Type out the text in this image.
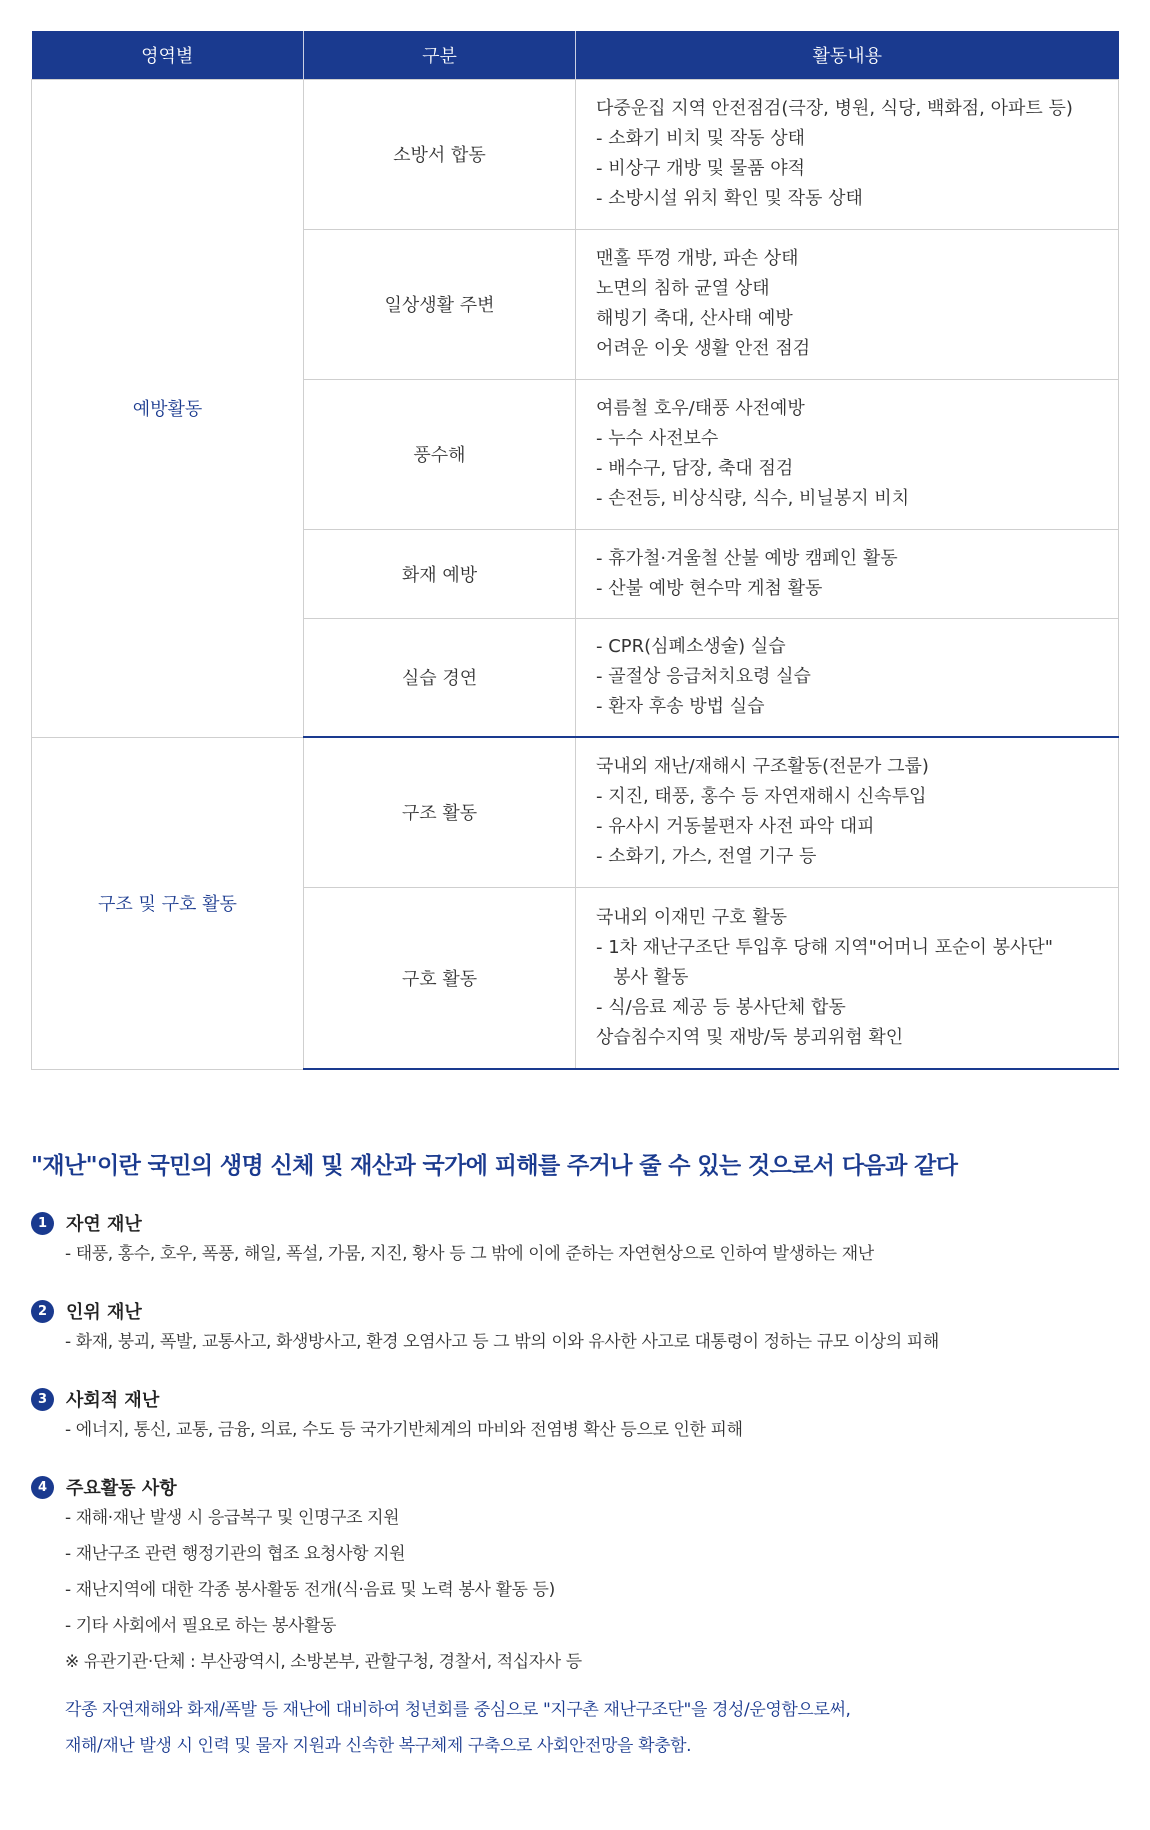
영역별	구분	활동내용
예방활동	소방서 합동	다중운집 지역 안전점검(극장, 병원, 식당, 백화점, 아파트 등)
- 소화기 비치 및 작동 상태
- 비상구 개방 및 물품 야적
- 소방시설 위치 확인 및 작동 상태

	일상생활 주변	맨홀 뚜껑 개방, 파손 상태
노면의 침하 균열 상태
해빙기 축대, 산사태 예방
어려운 이웃 생활 안전 점검

	풍수해	여름철 호우/태풍 사전예방
- 누수 사전보수
- 배수구, 담장, 축대 점검
- 손전등, 비상식량, 식수, 비닐봉지 비치

	화재 예방	- 휴가철·겨울철 산불 예방 캠페인 활동
- 산불 예방 현수막 게첨 활동

	실습 경연	- CPR(심폐소생술) 실습
- 골절상 응급처치요령 실습
- 환자 후송 방법 실습

구조 및 구호 활동	구조 활동	국내외 재난/재해시 구조활동(전문가 그룹)
- 지진, 태풍, 홍수 등 자연재해시 신속투입
- 유사시 거동불편자 사전 파악 대피
- 소화기, 가스, 전열 기구 등

	구호 활동	국내외 이재민 구호 활동
- 1차 재난구조단 투입후 당해 지역"어머니 포순이 봉사단"
봉사 활동
- 식/음료 제공 등 봉사단체 합동
상습침수지역 및 재방/둑 붕괴위험 확인
"재난"이란 국민의 생명 신체 및 재산과 국가에 피해를 주거나 줄 수 있는 것으로서 다음과 같다
1	자연 재난
- 태풍, 홍수, 호우, 폭풍, 해일, 폭설, 가뭄, 지진, 황사 등 그 밖에 이에 준하는 자연현상으로 인하여 발생하는 재난
2	인위 재난
- 화재, 붕괴, 폭발, 교통사고, 화생방사고, 환경 오염사고 등 그 밖의 이와 유사한 사고로 대통령이 정하는 규모 이상의 피해
3	사회적 재난
- 에너지, 통신, 교통, 금융, 의료, 수도 등 국가기반체계의 마비와 전염병 확산 등으로 인한 피해
4	주요활동 사항
- 재해·재난 발생 시 응급복구 및 인명구조 지원
- 재난구조 관련 행정기관의 협조 요청사항 지원
- 재난지역에 대한 각종 봉사활동 전개(식·음료 및 노력 봉사 활동 등)
- 기타 사회에서 필요로 하는 봉사활동
※ 유관기관·단체 : 부산광역시, 소방본부, 관할구청, 경찰서, 적십자사 등
각종 자연재해와 화재/폭발 등 재난에 대비하여 청년회를 중심으로 "지구촌 재난구조단"을 경성/운영함으로써,
재해/재난 발생 시 인력 및 물자 지원과 신속한 복구체제 구축으로 사회안전망을 확충함.
